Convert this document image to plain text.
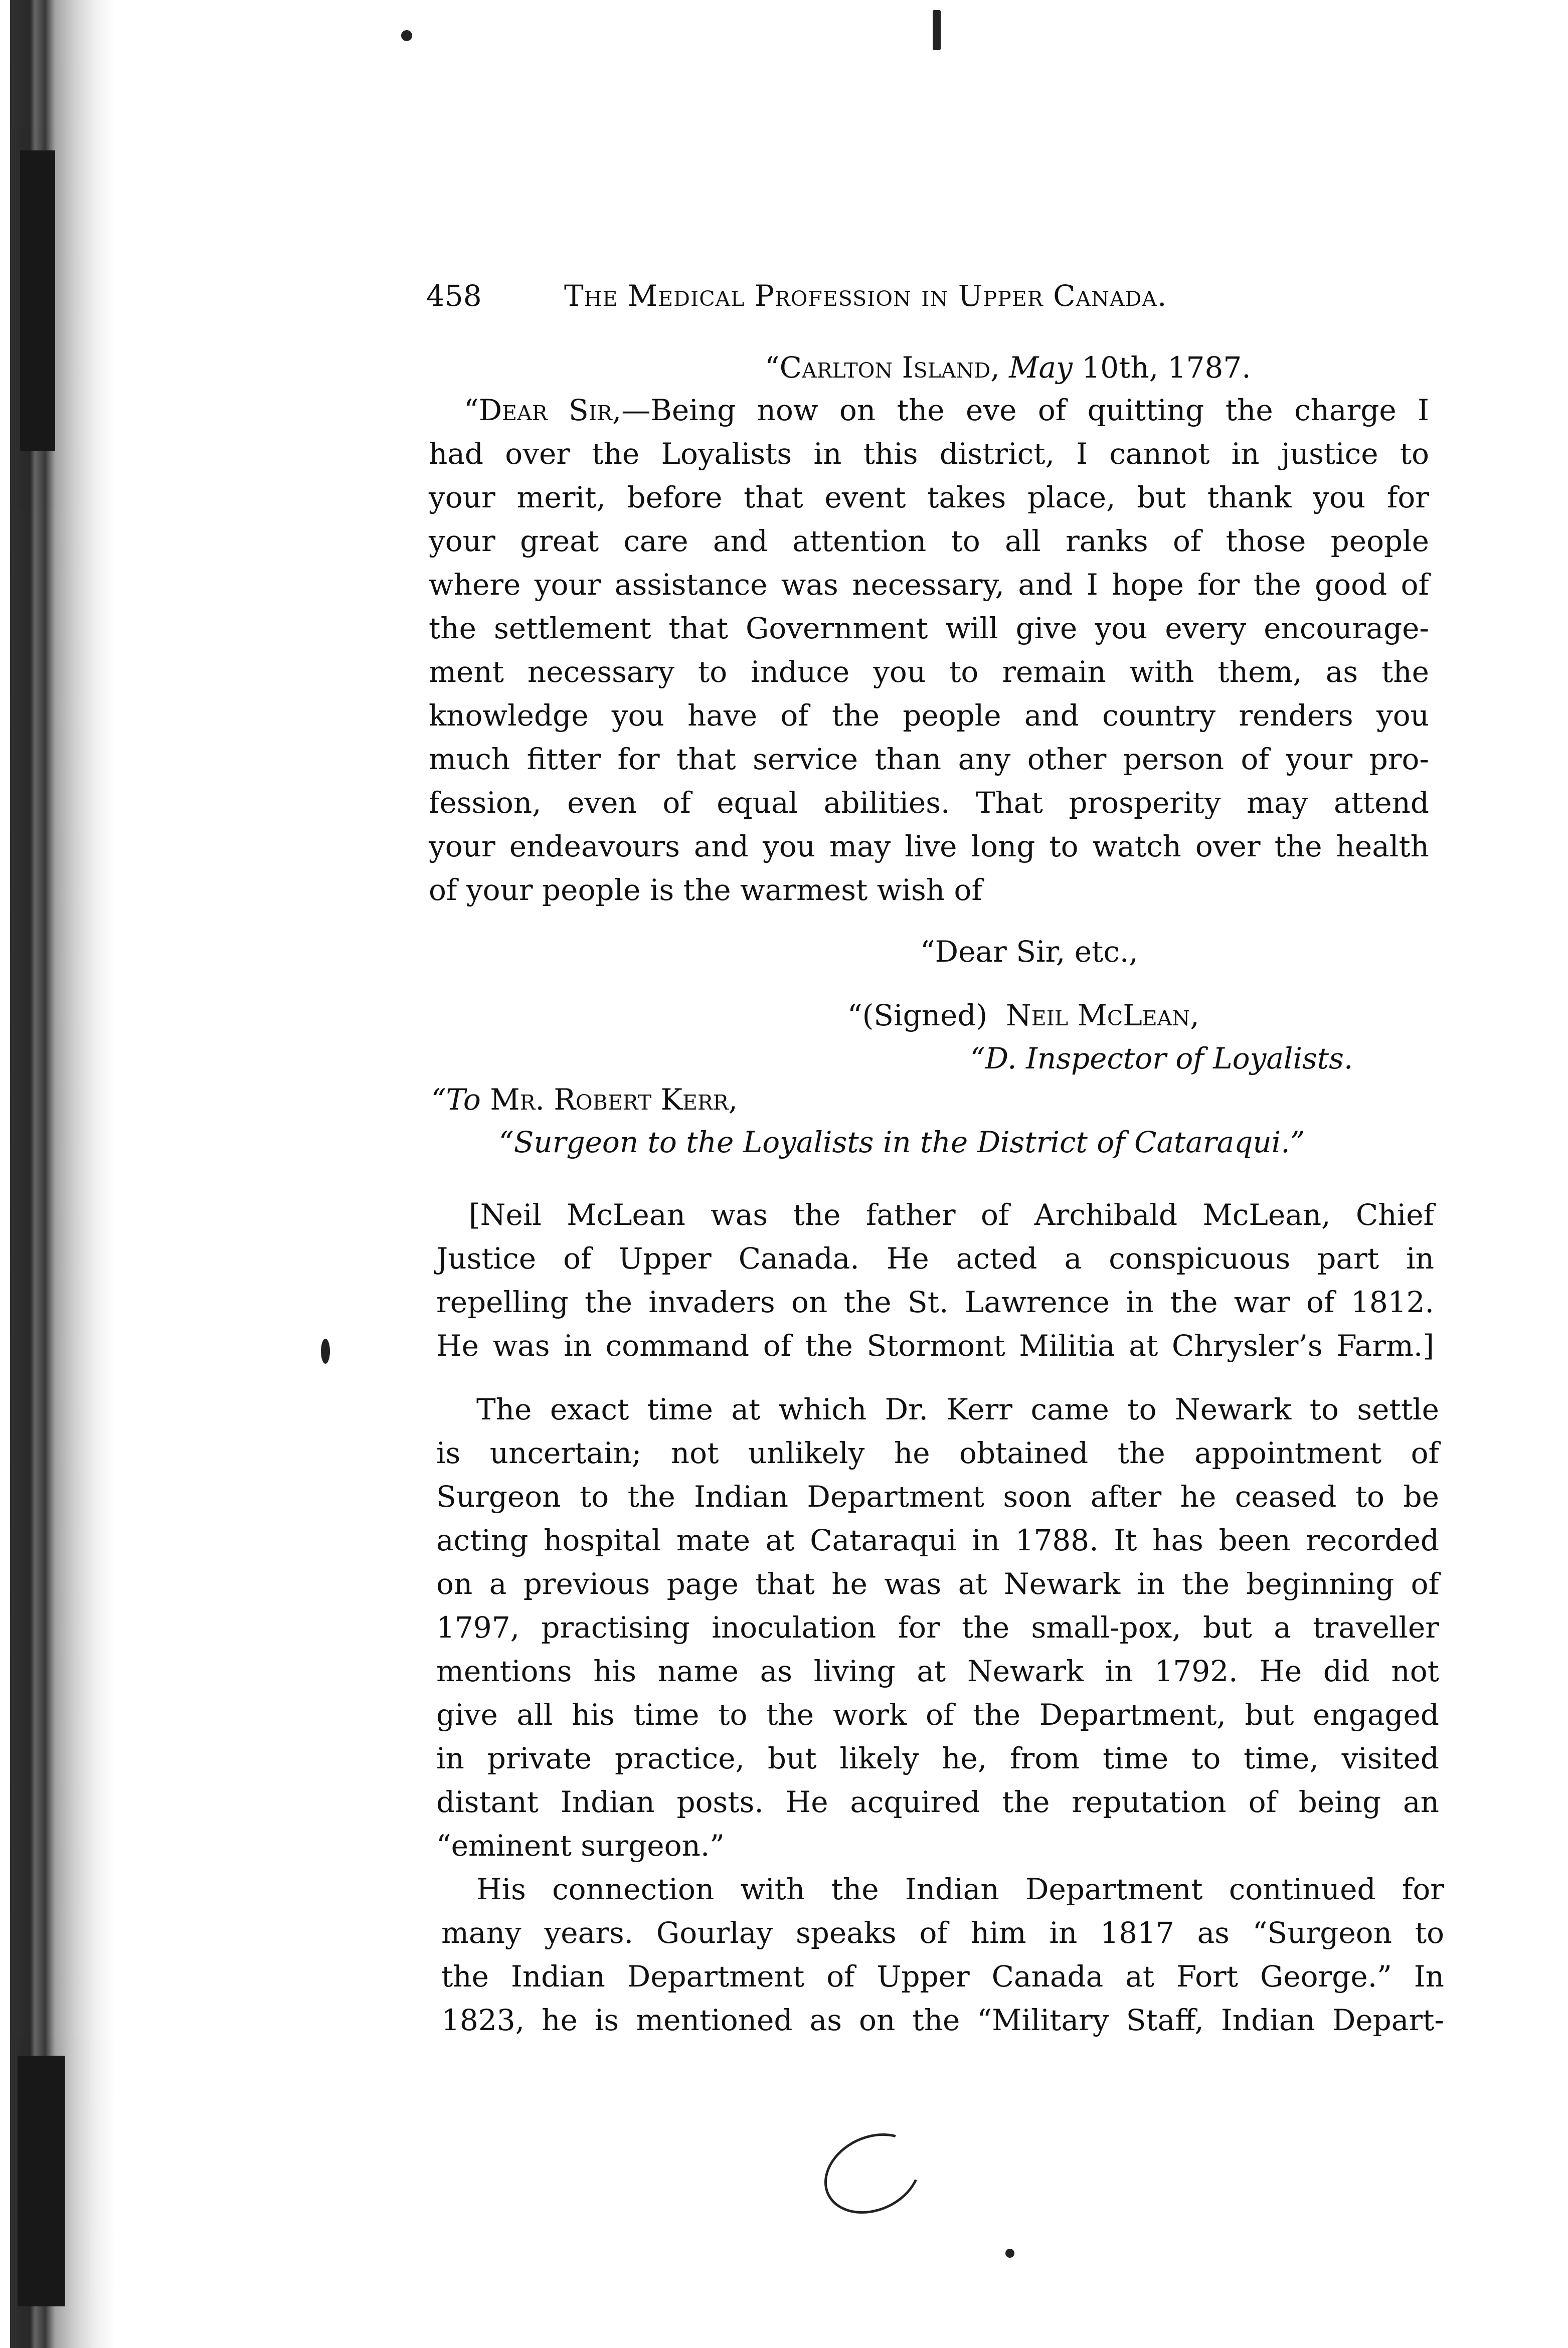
458	The Medical Profession in Upper Canada.
“Carlton Island, May 10th, 1787.
“Dear Sir,—Being now on the eve of quitting the charge I
had over the Loyalists in this district, I cannot in justice to
your merit, before that event takes place, but thank you for
your great care and attention to all ranks of those people
where your assistance was necessary, and I hope for the good of
the settlement that Government will give you every encourage-
ment necessary to induce you to remain with them, as the
knowledge you have of the people and country renders you
much fitter for that service than any other person of your pro-
fession, even of equal abilities. That prosperity may attend
your endeavours and you may live long to watch over the health
of your people is the warmest wish of
“Dear Sir, etc.,
“(Signed) Neil McLean,
“D. Inspector of Loyalists.
“To Mr. Robert Kerr,
“Surgeon to the Loyalists in the District of Cataraqui.”
[Neil McLean was the father of Archibald McLean, Chief
Justice of Upper Canada. He acted a conspicuous part in
repelling the invaders on the St. Lawrence in the war of 1812.
He was in command of the Stormont Militia at Chrysler’s Farm.]
The exact time at which Dr. Kerr came to Newark to settle
is uncertain; not unlikely he obtained the appointment of
Surgeon to the Indian Department soon after he ceased to be
acting hospital mate at Cataraqui in 1788. It has been recorded
on a previous page that he was at Newark in the beginning of
1797, practising inoculation for the small-pox, but a traveller
mentions his name as living at Newark in 1792. He did not
give all his time to the work of the Department, but engaged
in private practice, but likely he, from time to time, visited
distant Indian posts. He acquired the reputation of being an
“eminent surgeon.”
His connection with the Indian Department continued for
many years. Gourlay speaks of him in 1817 as “Surgeon to
the Indian Department of Upper Canada at Fort George.” In
1823, he is mentioned as on the “Military Staff, Indian Depart-
